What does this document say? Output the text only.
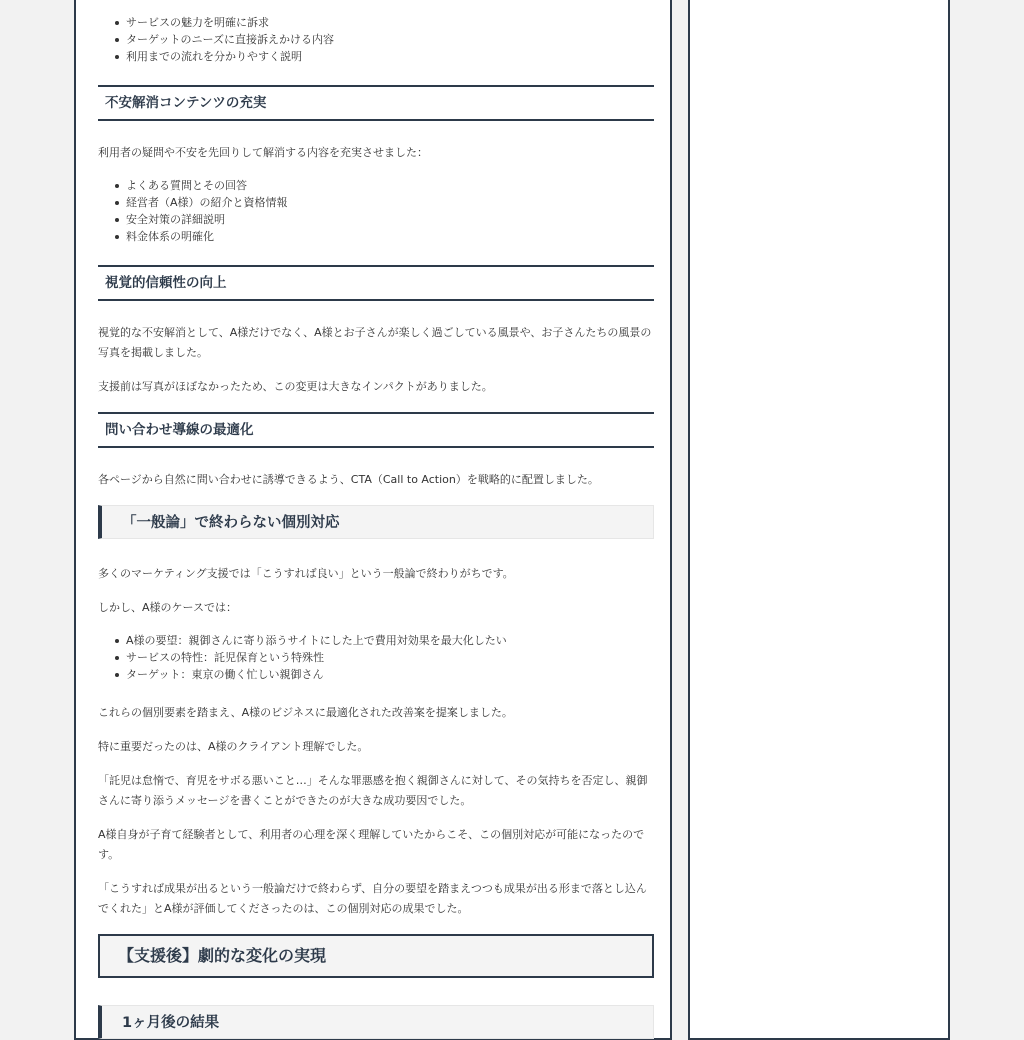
サービスの魅力を明確に訴求
ターゲットのニーズに直接訴えかける内容
利用までの流れを分かりやすく説明
不安解消コンテンツの充実

利用者の疑問や不安を先回りして解消する内容を充実させました：

よくある質問とその回答
経営者（A様）の紹介と資格情報
安全対策の詳細説明
料金体系の明確化
視覚的信頼性の向上

視覚的な不安解消として、A様だけでなく、A様とお子さんが楽しく過ごしている風景や、お子さんたちの風景の写真を掲載しました。

支援前は写真がほぼなかったため、この変更は大きなインパクトがありました。

問い合わせ導線の最適化

各ページから自然に問い合わせに誘導できるよう、CTA（Call to Action）を戦略的に配置しました。

「一般論」で終わらない個別対応

多くのマーケティング支援では「こうすれば良い」という一般論で終わりがちです。

しかし、A様のケースでは：

A様の要望：親御さんに寄り添うサイトにした上で費用対効果を最大化したい
サービスの特性：託児保育という特殊性
ターゲット：東京の働く忙しい親御さん

これらの個別要素を踏まえ、A様のビジネスに最適化された改善案を提案しました。

特に重要だったのは、A様のクライアント理解でした。

「託児は怠惰で、育児をサボる悪いこと…」そんな罪悪感を抱く親御さんに対して、その気持ちを否定し、親御さんに寄り添うメッセージを書くことができたのが大きな成功要因でした。

A様自身が子育て経験者として、利用者の心理を深く理解していたからこそ、この個別対応が可能になったのです。

「こうすれば成果が出るという一般論だけで終わらず、自分の要望を踏まえつつも成果が出る形まで落とし込んでくれた」とA様が評価してくださったのは、この個別対応の成果でした。

【支援後】劇的な変化の実現
1ヶ月後の結果
